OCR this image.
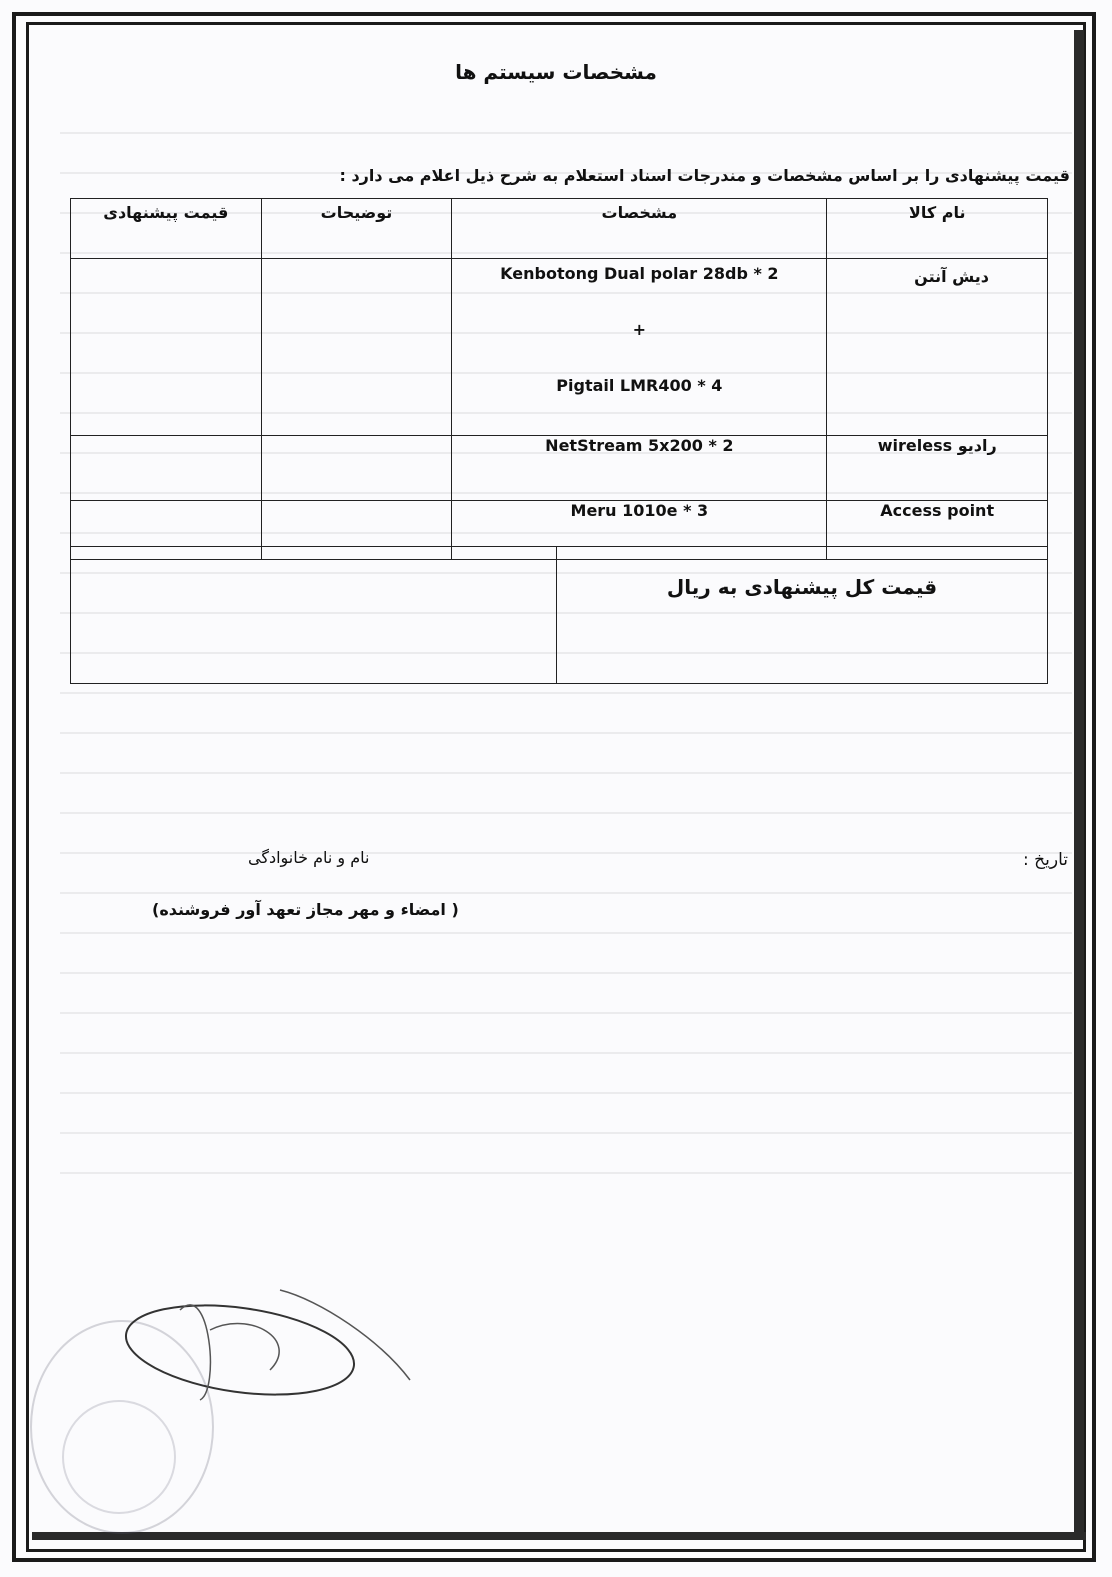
مشخصات سیستم ها
قیمت پیشنهادی را بر اساس مشخصات و مندرجات اسناد استعلام به شرح ذیل اعلام می دارد :
نام کالا	مشخصات	توضیحات	قیمت پیشنهادی
دیش آنتن	Kenbotong Dual polar 28db * 2
+
Pigtail LMR400 * 4		

رادیو wireless	NetStream 5x200 * 2		
Access point	Meru 1010e * 3		
قیمت کل پیشنهادی به ریال	
نام و نام خانوادگی
( امضاء و مهر مجاز تعهد آور فروشنده)
تاریخ :
